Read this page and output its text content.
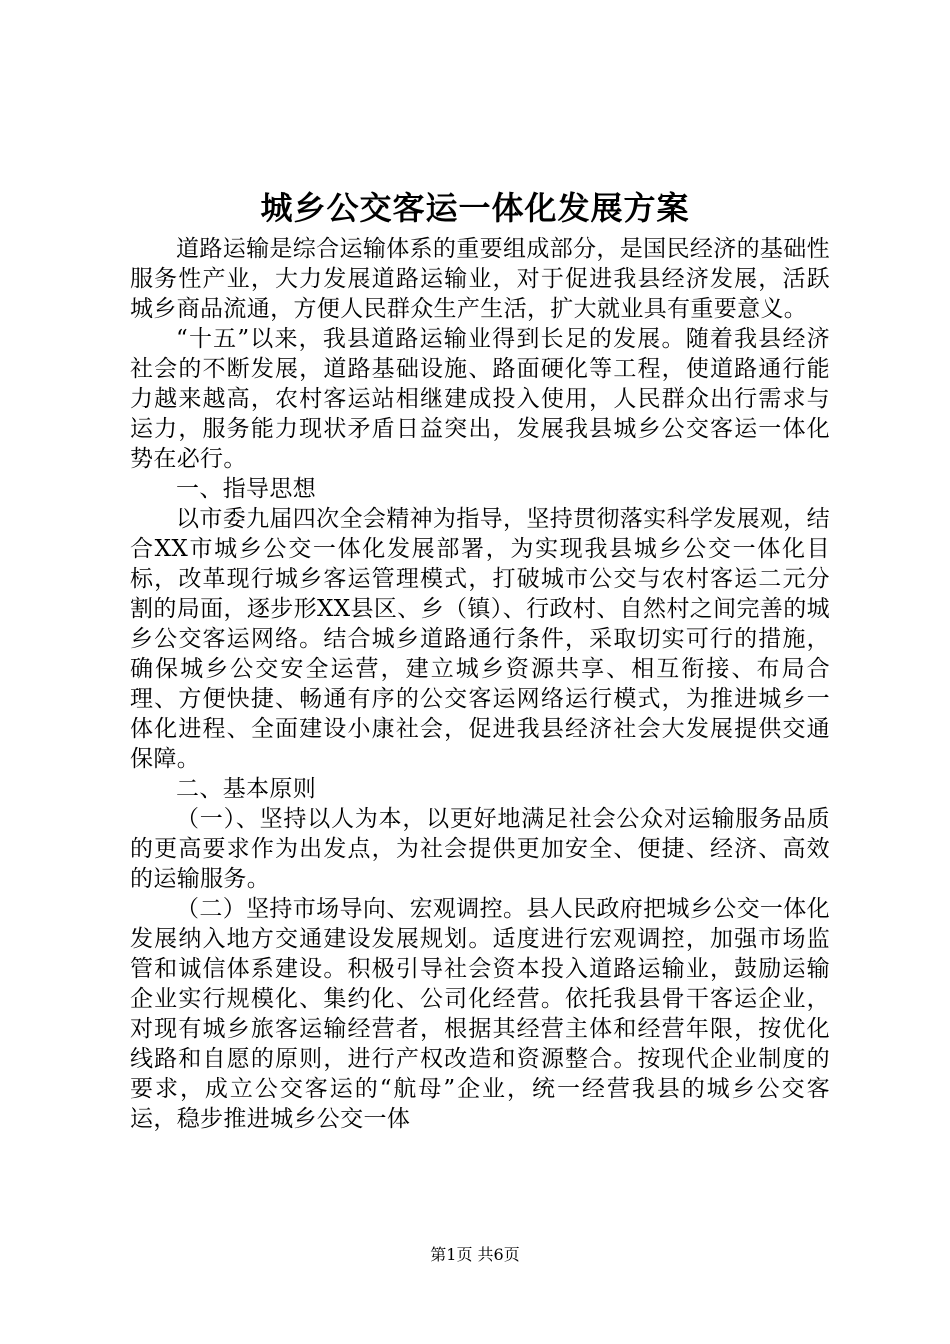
城乡公交客运一体化发展方案

道路运输是综合运输体系的重要组成部分，是国民经济的基础性服务性产业，大力发展道路运输业，对于促进我县经济发展，活跃城乡商品流通，方便人民群众生产生活，扩大就业具有重要意义。

“十五”以来，我县道路运输业得到长足的发展。随着我县经济社会的不断发展，道路基础设施、路面硬化等工程，使道路通行能力越来越高，农村客运站相继建成投入使用，人民群众出行需求与运力，服务能力现状矛盾日益突出，发展我县城乡公交客运一体化势在必行。

一、指导思想

以市委九届四次全会精神为指导，坚持贯彻落实科学发展观，结合XX市城乡公交一体化发展部署，为实现我县城乡公交一体化目标，改革现行城乡客运管理模式，打破城市公交与农村客运二元分割的局面，逐步形XX县区、乡（镇）、行政村、自然村之间完善的城乡公交客运网络。结合城乡道路通行条件，采取切实可行的措施，确保城乡公交安全运营，建立城乡资源共享、相互衔接、布局合理、方便快捷、畅通有序的公交客运网络运行模式，为推进城乡一体化进程、全面建设小康社会，促进我县经济社会大发展提供交通保障。

二、基本原则

（一）、坚持以人为本，以更好地满足社会公众对运输服务品质的更高要求作为出发点，为社会提供更加安全、便捷、经济、高效的运输服务。

（二）坚持市场导向、宏观调控。县人民政府把城乡公交一体化发展纳入地方交通建设发展规划。适度进行宏观调控，加强市场监管和诚信体系建设。积极引导社会资本投入道路运输业，鼓励运输企业实行规模化、集约化、公司化经营。依托我县骨干客运企业，对现有城乡旅客运输经营者，根据其经营主体和经营年限，按优化线路和自愿的原则，进行产权改造和资源整合。按现代企业制度的要求，成立公交客运的“航母”企业，统一经营我县的城乡公交客运，稳步推进城乡公交一体

第1页 共6页
